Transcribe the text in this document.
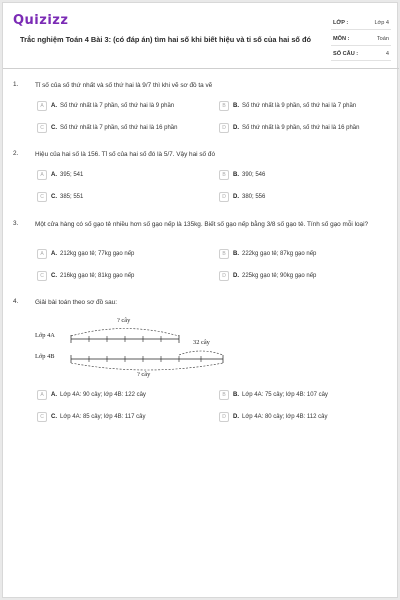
Quizizz
Trắc nghiệm Toán 4 Bài 3: (có đáp án) tìm hai số khi biết hiệu và tỉ số của hai số đó
LỚP :	Lớp 4
MÔN :	Toán
SỐ CÂU :	4
1.	Tỉ số của số thứ nhất và số thứ hai là 9/7 thì khi vẽ sơ đồ ta vẽ
A	A. Số thứ nhất là 7 phần, số thứ hai là 9 phần	B	B. Số thứ nhất là 9 phần, số thứ hai là 7 phần
C	C. Số thứ nhất là 7 phần, số thứ hai là 16 phần	D	D. Số thứ nhất là 9 phần, số thứ hai là 16 phần
2.	Hiệu của hai số là 156. Tỉ số của hai số đó là 5/7. Vậy hai số đó
A	A. 395; 541	B	B. 390; 546
C	C. 385; 551	D	D. 380; 556
3.	Một cửa hàng có số gạo tẻ nhiều hơn số gạo nếp là 135kg. Biết số gạo nếp bằng 3/8 số gạo tẻ. Tính số gạo mỗi loại?
A	A. 212kg gạo tẻ; 77kg gạo nếp	B	B. 222kg gạo tẻ; 87kg gạo nếp
C	C. 216kg gạo tẻ; 81kg gạo nếp	D	D. 225kg gạo tẻ; 90kg gạo nếp
4.	Giải bài toán theo sơ đồ sau:
Lớp 4A
Lớp 4B
? cây
32 cây
? cây
A	A. Lớp 4A: 90 cây; lớp 4B: 122 cây	B	B. Lớp 4A: 75 cây; lớp 4B: 107 cây
C	C. Lớp 4A: 85 cây; lớp 4B: 117 cây	D	D. Lớp 4A: 80 cây; lớp 4B: 112 cây
